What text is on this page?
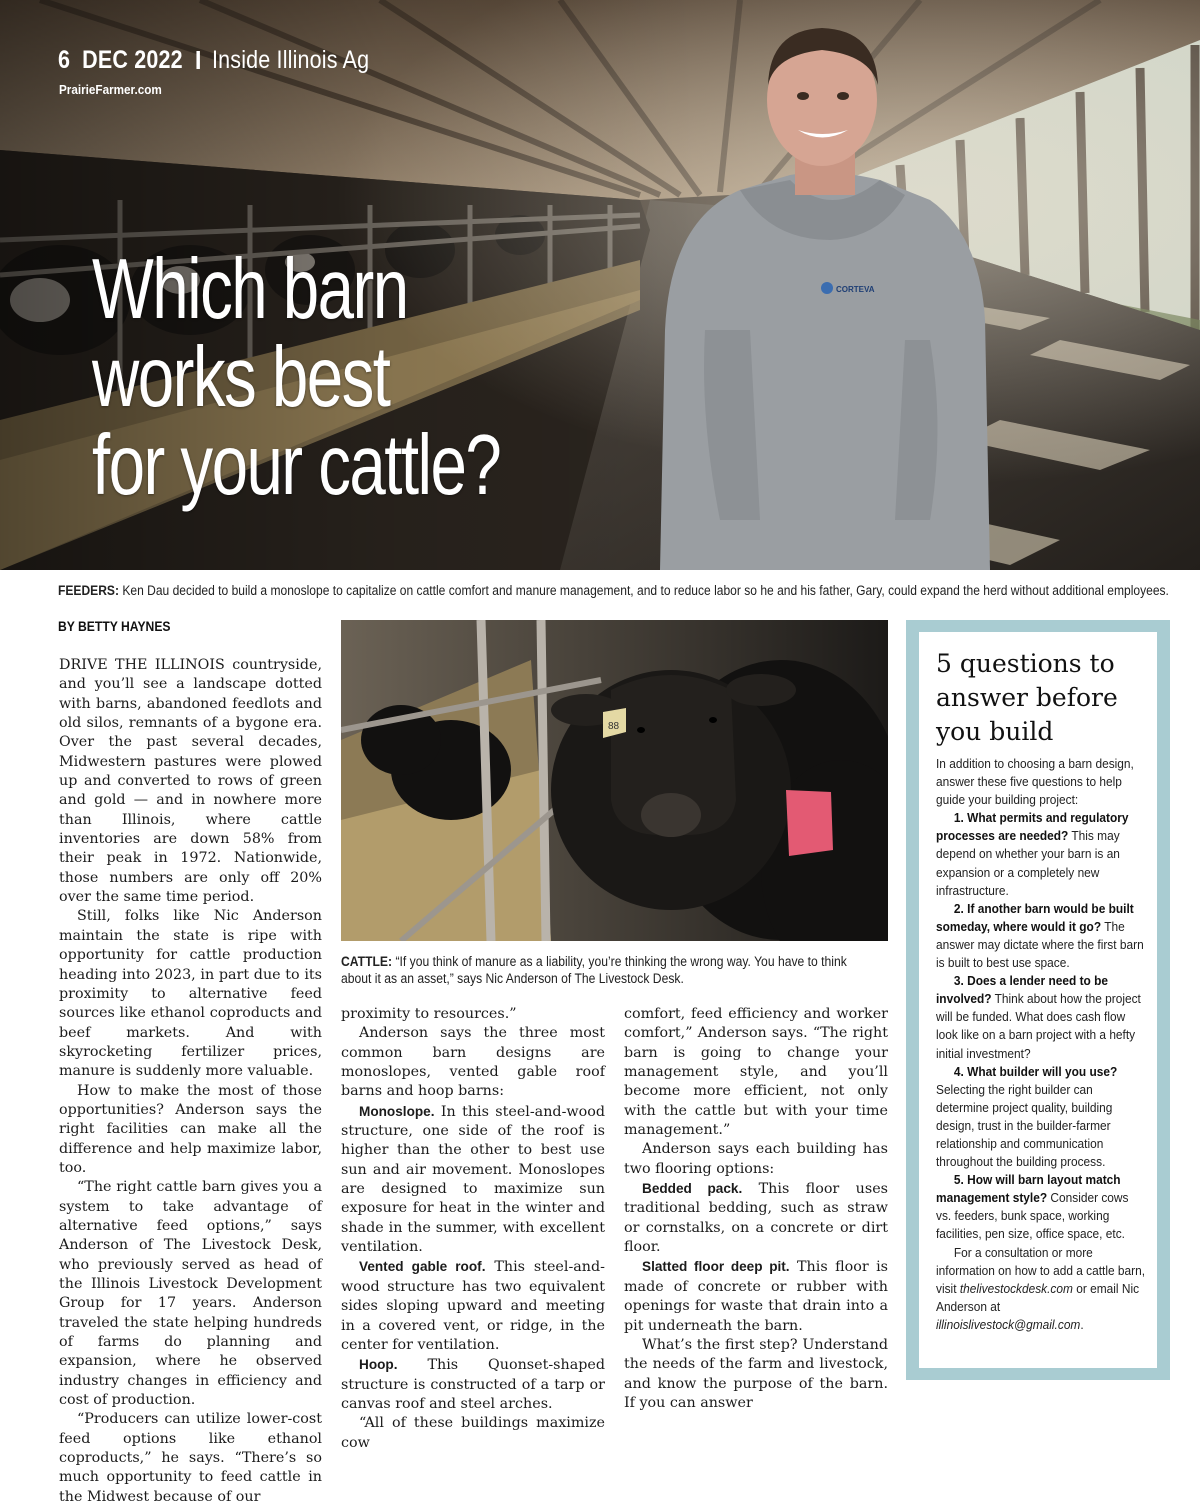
CORTEVA
6 DEC 2022 Inside Illinois Ag
PrairieFarmer.com
Which barn
works best
for your cattle?
FEEDERS: Ken Dau decided to build a monoslope to capitalize on cattle comfort and manure management, and to reduce labor so he and his father, Gary, could expand the herd without additional employees.
BY BETTY HAYNES

DRIVE THE ILLINOIS countryside, and you’ll see a landscape dotted with barns, abandoned feedlots and old silos, remnants of a bygone era. Over the past several decades, Midwestern pastures were plowed up and converted to rows of green and gold — and in nowhere more than Illinois, where cattle inventories are down 58% from their peak in 1972. Nationwide, those numbers are only off 20% over the same time period.

Still, folks like Nic Anderson maintain the state is ripe with opportunity for cattle production heading into 2023, in part due to its proximity to alternative feed sources like ethanol coproducts and beef markets. And with skyrocketing fertilizer prices, manure is suddenly more valuable.

How to make the most of those opportunities? Anderson says the right facilities can make all the difference and help maximize labor, too.

“The right cattle barn gives you a system to take advantage of alternative feed options,” says Anderson of The Livestock Desk, who previously served as head of the Illinois Livestock Development Group for 17 years. Anderson traveled the state helping hundreds of farms do planning and expansion, where he observed industry changes in efficiency and cost of production.

“Producers can utilize lower-cost feed options like ethanol coproducts,” he says. “There’s so much opportunity to feed cattle in the Midwest because of our

88
CATTLE: “If you think of manure as a liability, you’re thinking the wrong way. You have to think
about it as an asset,” says Nic Anderson of The Livestock Desk.

proximity to resources.”

Anderson says the three most common barn designs are monoslopes, vented gable roof barns and hoop barns:

Monoslope. In this steel-and-wood structure, one side of the roof is higher than the other to best use sun and air movement. Monoslopes are designed to maximize sun exposure for heat in the winter and shade in the summer, with excellent ventilation.

Vented gable roof. This steel-and-wood structure has two equivalent sides sloping upward and meeting in a covered vent, or ridge, in the center for ventilation.

Hoop. This Quonset-shaped structure is constructed of a tarp or canvas roof and steel arches.

“All of these buildings maximize cow

comfort, feed efficiency and worker comfort,” Anderson says. “The right barn is going to change your management style, and you’ll become more efficient, not only with the cattle but with your time management.”

Anderson says each building has two flooring options:

Bedded pack. This floor uses traditional bedding, such as straw or cornstalks, on a concrete or dirt floor.

Slatted floor deep pit. This floor is made of concrete or rubber with openings for waste that drain into a pit underneath the barn.

What’s the first step? Understand the needs of the farm and livestock, and know the purpose of the barn. If you can answer

5 questions to
answer before
you build

In addition to choosing a barn design, answer these five questions to help guide your building project:

1. What permits and regulatory processes are needed? This may depend on whether your barn is an expansion or a completely new infrastructure.

2. If another barn would be built someday, where would it go? The answer may dictate where the first barn is built to best use space.

3. Does a lender need to be involved? Think about how the project will be funded. What does cash flow look like on a barn project with a hefty initial investment?

4. What builder will you use? Selecting the right builder can determine project quality, building design, trust in the builder-farmer relationship and communication throughout the building process.

5. How will barn layout match management style? Consider cows vs. feeders, bunk space, working facilities, pen size, office space, etc.

For a consultation or more information on how to add a cattle barn, visit thelivestockdesk.com or email Nic Anderson at illinoislivestock@gmail.com.
